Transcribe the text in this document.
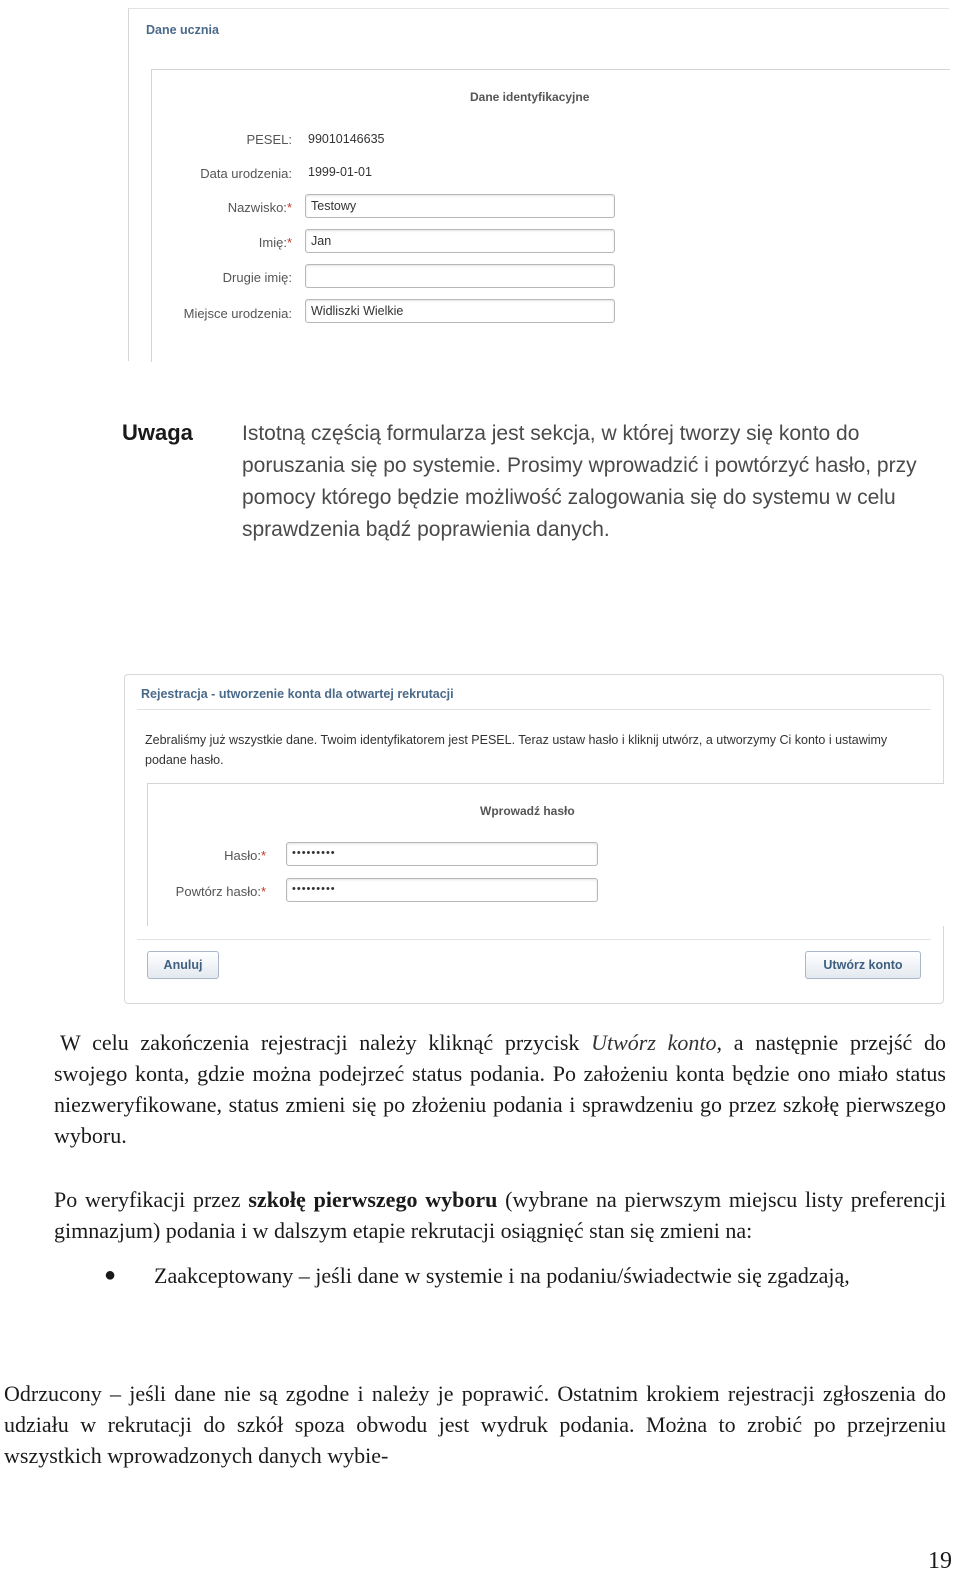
Dane ucznia
Dane identyfikacyjne
PESEL: 99010146635
Data urodzenia: 1999-01-01
Nazwisko:*	Testowy
Imię:*	Jan
Drugie imię:
Miejsce urodzenia:	Widliszki Wielkie
Uwaga Istotną częścią formularza jest sekcja, w której tworzy się konto do poruszania się po systemie. Prosimy wprowadzić i powtórzyć hasło, przy pomocy którego będzie możliwość zalogowania się do systemu w celu sprawdzenia bądź poprawienia danych.
Rejestracja - utworzenie konta dla otwartej rekrutacji
Zebraliśmy już wszystkie dane. Twoim identyfikatorem jest PESEL. Teraz ustaw hasło i kliknij utwórz, a utworzymy Ci konto i ustawimy podane hasło.
Wprowadź hasło
Hasło:*	•••••••••
Powtórz hasło:*	•••••••••
Anuluj	Utwórz konto
W celu zakończenia rejestracji należy kliknąć przycisk Utwórz konto, a następnie przejść do swojego konta, gdzie można podejrzeć status podania. Po założeniu konta będzie ono miało status niezweryfikowane, status zmieni się po złożeniu podania i sprawdzeniu go przez szkołę pierwszego wyboru.
Po weryfikacji przez szkołę pierwszego wyboru (wybrane na pierwszym miejscu listy preferencji gimnazjum) podania i w dalszym etapie rekrutacji osiągnięć stan się zmieni na:
● Zaakceptowany – jeśli dane w systemie i na podaniu/świadectwie się zgadzają,
Odrzucony – jeśli dane nie są zgodne i należy je poprawić. Ostatnim krokiem rejestracji zgłoszenia do udziału w rekrutacji do szkół spoza obwodu jest wydruk podania. Można to zrobić po przejrzeniu wszystkich wprowadzonych danych wybie-
19
